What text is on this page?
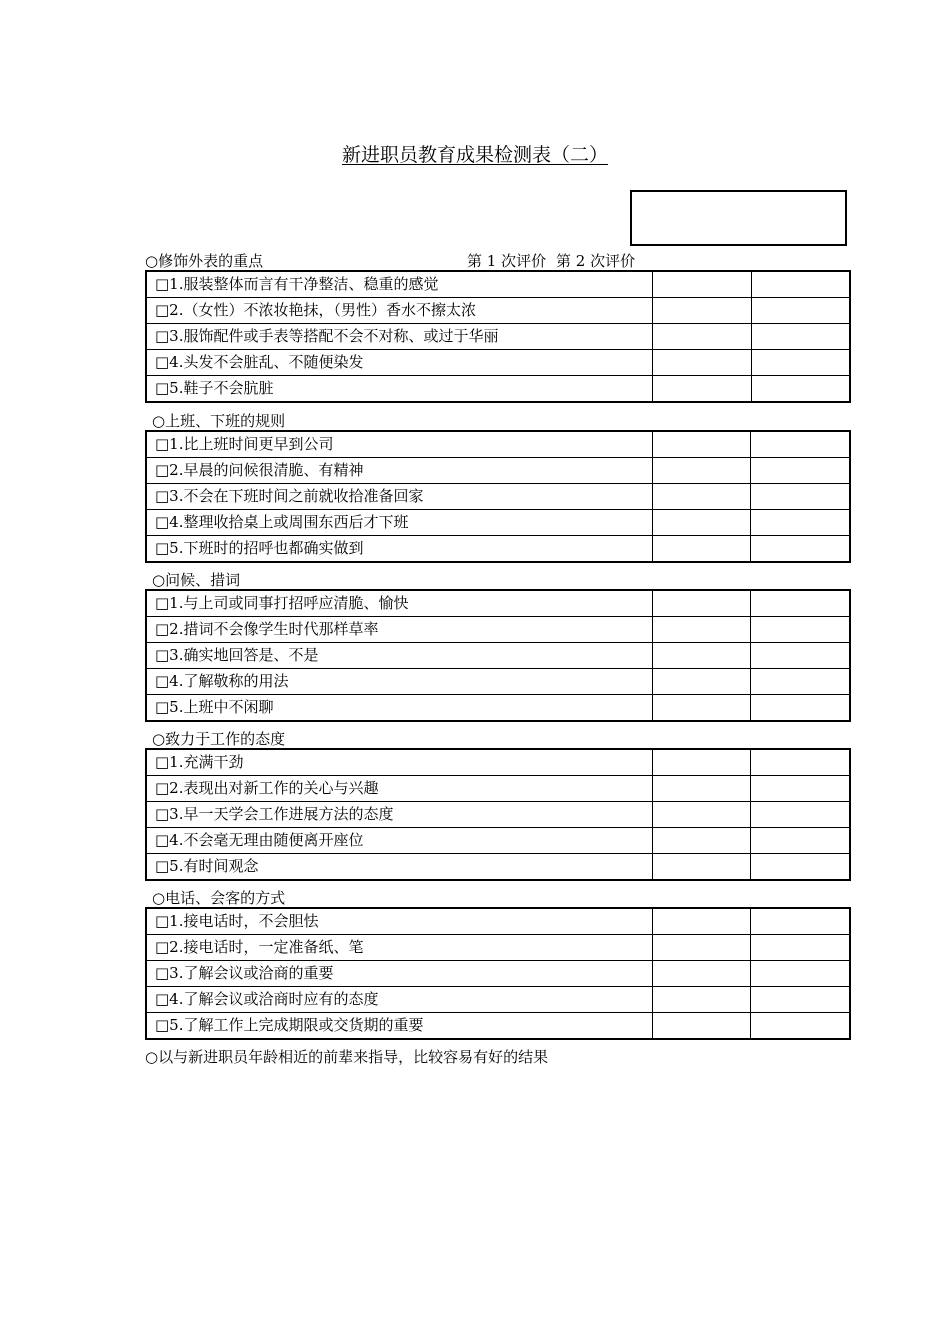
新进职员教育成果检测表（二）
○修饰外表的重点	第 1 次评价 第 2 次评价
□1.服装整体而言有干净整洁、稳重的感觉		
□2.（女性）不浓妆艳抹，（男性）香水不擦太浓		
□3.服饰配件或手表等搭配不会不对称、或过于华丽		
□4.头发不会脏乱、不随便染发		
□5.鞋子不会肮脏		
○上班、下班的规则
□1.比上班时间更早到公司		
□2.早晨的问候很清脆、有精神		
□3.不会在下班时间之前就收拾准备回家		
□4.整理收拾桌上或周围东西后才下班		
□5.下班时的招呼也都确实做到		
○问候、措词
□1.与上司或同事打招呼应清脆、愉快		
□2.措词不会像学生时代那样草率		
□3.确实地回答是、不是		
□4.了解敬称的用法		
□5.上班中不闲聊		
○致力于工作的态度
□1.充满干劲		
□2.表现出对新工作的关心与兴趣		
□3.早一天学会工作进展方法的态度		
□4.不会毫无理由随便离开座位		
□5.有时间观念		
○电话、会客的方式
□1.接电话时，不会胆怯		
□2.接电话时，一定准备纸、笔		
□3.了解会议或洽商的重要		
□4.了解会议或洽商时应有的态度		
□5.了解工作上完成期限或交货期的重要		
○以与新进职员年龄相近的前辈来指导，比较容易有好的结果
